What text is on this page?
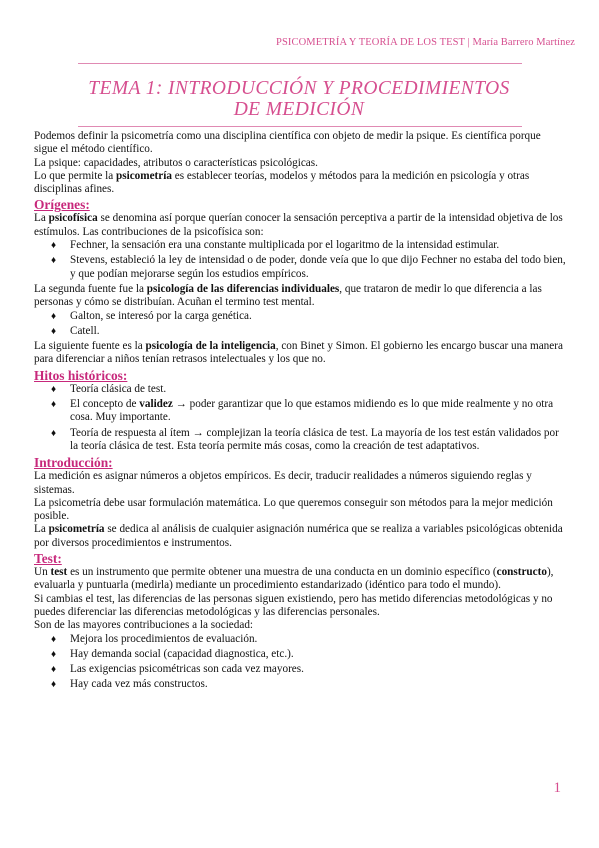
PSICOMETRÍA Y TEORÍA DE LOS TEST | María Barrero Martínez
TEMA 1: INTRODUCCIÓN Y PROCEDIMIENTOS
DE MEDICIÓN

Podemos definir la psicometría como una disciplina científica con objeto de medir la psique. Es científica porque sigue el método científico.

La psique: capacidades, atributos o características psicológicas.

Lo que permite la psicometría es establecer teorías, modelos y métodos para la medición en psicología y otras disciplinas afines.

Orígenes:

La psicofísica se denomina así porque querían conocer la sensación perceptiva a partir de la intensidad objetiva de los estímulos. Las contribuciones de la psicofísica son:

♦ Fechner, la sensación era una constante multiplicada por el logaritmo de la intensidad estimular.
♦ Stevens, estableció la ley de intensidad o de poder, donde veía que lo que dijo Fechner no estaba del todo bien, y que podían mejorarse según los estudios empíricos.

La segunda fuente fue la psicología de las diferencias individuales, que trataron de medir lo que diferencia a las personas y cómo se distribuían. Acuñan el termino test mental.

♦ Galton, se interesó por la carga genética.
♦ Catell.

La siguiente fuente es la psicología de la inteligencia, con Binet y Simon. El gobierno les encargo buscar una manera para diferenciar a niños tenían retrasos intelectuales y los que no.

Hitos históricos:
♦ Teoría clásica de test.
♦ El concepto de validez → poder garantizar que lo que estamos midiendo es lo que mide realmente y no otra cosa. Muy importante.
♦ Teoría de respuesta al ítem → complejizan la teoría clásica de test. La mayoría de los test están validados por la teoría clásica de test. Esta teoría permite más cosas, como la creación de test adaptativos.
Introducción:

La medición es asignar números a objetos empíricos. Es decir, traducir realidades a números siguiendo reglas y sistemas.

La psicometría debe usar formulación matemática. Lo que queremos conseguir son métodos para la mejor medición posible.

La psicometría se dedica al análisis de cualquier asignación numérica que se realiza a variables psicológicas obtenida por diversos procedimientos e instrumentos.

Test:

Un test es un instrumento que permite obtener una muestra de una conducta en un dominio específico (constructo), evaluarla y puntuarla (medirla) mediante un procedimiento estandarizado (idéntico para todo el mundo).

Si cambias el test, las diferencias de las personas siguen existiendo, pero has metido diferencias metodológicas y no puedes diferenciar las diferencias metodológicas y las diferencias personales.

Son de las mayores contribuciones a la sociedad:

♦ Mejora los procedimientos de evaluación.
♦ Hay demanda social (capacidad diagnostica, etc.).
♦ Las exigencias psicométricas son cada vez mayores.
♦ Hay cada vez más constructos.
1
